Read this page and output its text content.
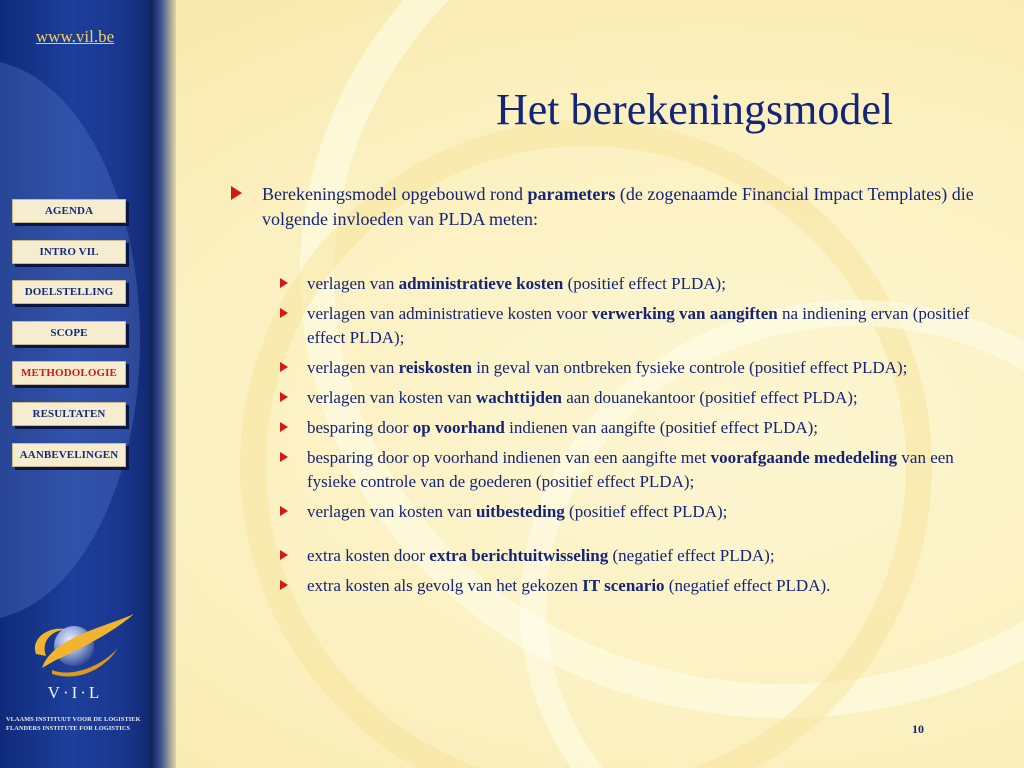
www.vil.be
AGENDA
INTRO VIL
DOELSTELLING
SCOPE
METHODOLOGIE
RESULTATEN
AANBEVELINGEN
V·I·L
VLAAMS INSTITUUT VOOR DE LOGISTIEK
FLANDERS INSTITUTE FOR LOGISTICS
Het berekeningsmodel
Berekeningsmodel opgebouwd rond parameters (de zogenaamde Financial Impact Templates) die volgende invloeden van PLDA meten:
verlagen van administratieve kosten (positief effect PLDA);
verlagen van administratieve kosten voor verwerking van aangiften na indiening ervan (positief effect PLDA);
verlagen van reiskosten in geval van ontbreken fysieke controle (positief effect PLDA);
verlagen van kosten van wachttijden aan douanekantoor (positief effect PLDA);
besparing door op voorhand indienen van aangifte (positief effect PLDA);
besparing door op voorhand indienen van een aangifte met voorafgaande mededeling van een fysieke controle van de goederen (positief effect PLDA);
verlagen van kosten van uitbesteding (positief effect PLDA);
extra kosten door extra berichtuitwisseling (negatief effect PLDA);
extra kosten als gevolg van het gekozen IT scenario (negatief effect PLDA).
10
